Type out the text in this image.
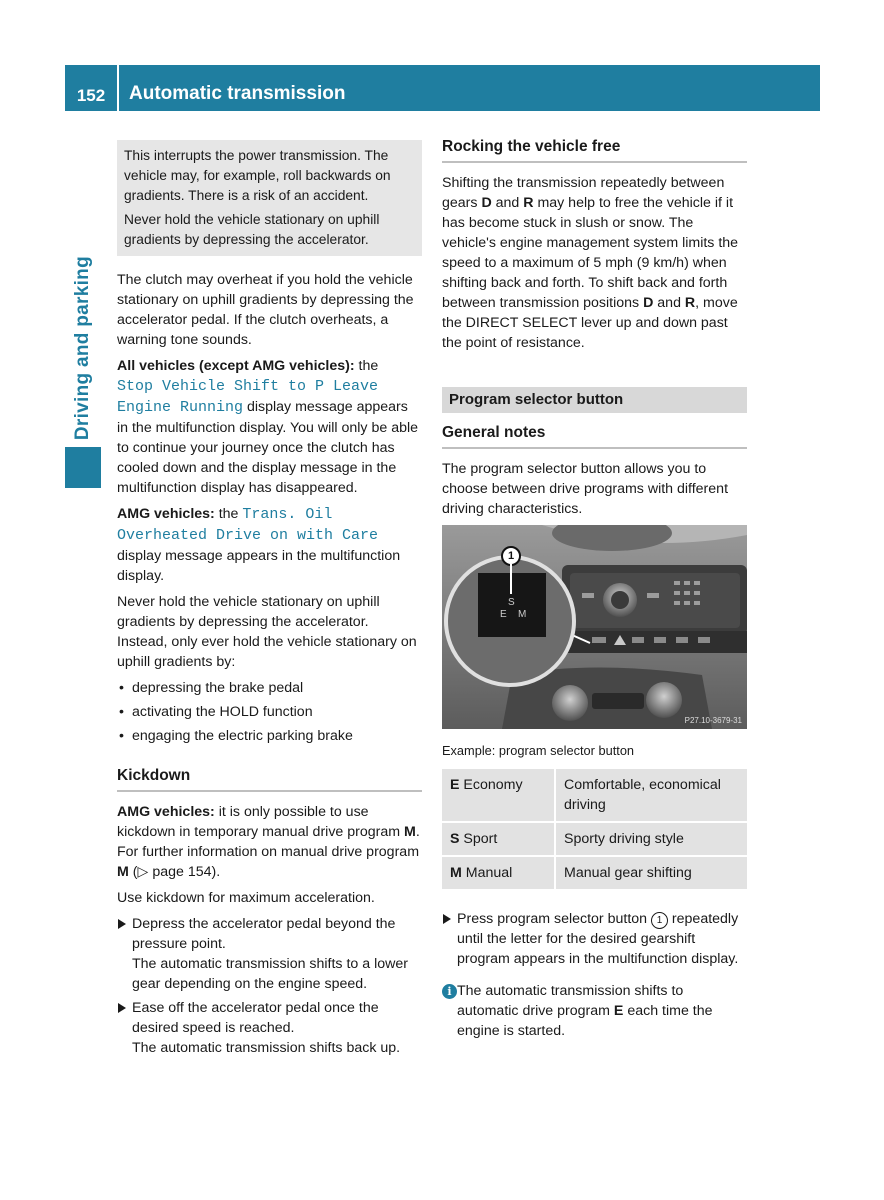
152	Automatic transmission
Driving and parking

This interrupts the power transmission. The vehicle may, for example, roll backwards on gradients. There is a risk of an accident.

Never hold the vehicle stationary on uphill gradients by depressing the accelerator.

The clutch may overheat if you hold the vehicle stationary on uphill gradients by depressing the accelerator pedal. If the clutch overheats, a warning tone sounds.

All vehicles (except AMG vehicles): the
Stop Vehicle Shift to P Leave Engine Running display message appears in the multifunction display. You will only be able to continue your journey once the clutch has cooled down and the display message in the multifunction display has disappeared.

AMG vehicles: the Trans. Oil Overheated Drive on with Care display message appears in the multifunction display.

Never hold the vehicle stationary on uphill gradients by depressing the accelerator. Instead, only ever hold the vehicle stationary on uphill gradients by:

• depressing the brake pedal
• activating the HOLD function
• engaging the electric parking brake
Kickdown

AMG vehicles: it is only possible to use kickdown in temporary manual drive program M. For further information on manual drive program M (▷ page 154).

Use kickdown for maximum acceleration.

Depress the accelerator pedal beyond the pressure point.
The automatic transmission shifts to a lower gear depending on the engine speed.
Ease off the accelerator pedal once the desired speed is reached.
The automatic transmission shifts back up.
Rocking the vehicle free

Shifting the transmission repeatedly between gears D and R may help to free the vehicle if it has become stuck in slush or snow. The vehicle's engine management system limits the speed to a maximum of 5 mph (9 km/h) when shifting back and forth. To shift back and forth between transmission positions D and R, move the DIRECT SELECT lever up and down past the point of resistance.

Program selector button
General notes

The program selector button allows you to choose between drive programs with different driving characteristics.

1
S
E M
P27.10-3679-31
Example: program selector button
E Economy	Comfortable, economical driving
S Sport	Sporty driving style
M Manual	Manual gear shifting
Press program selector button 1 repeatedly until the letter for the desired gearshift program appears in the multifunction display.
i The automatic transmission shifts to automatic drive program E each time the engine is started.
